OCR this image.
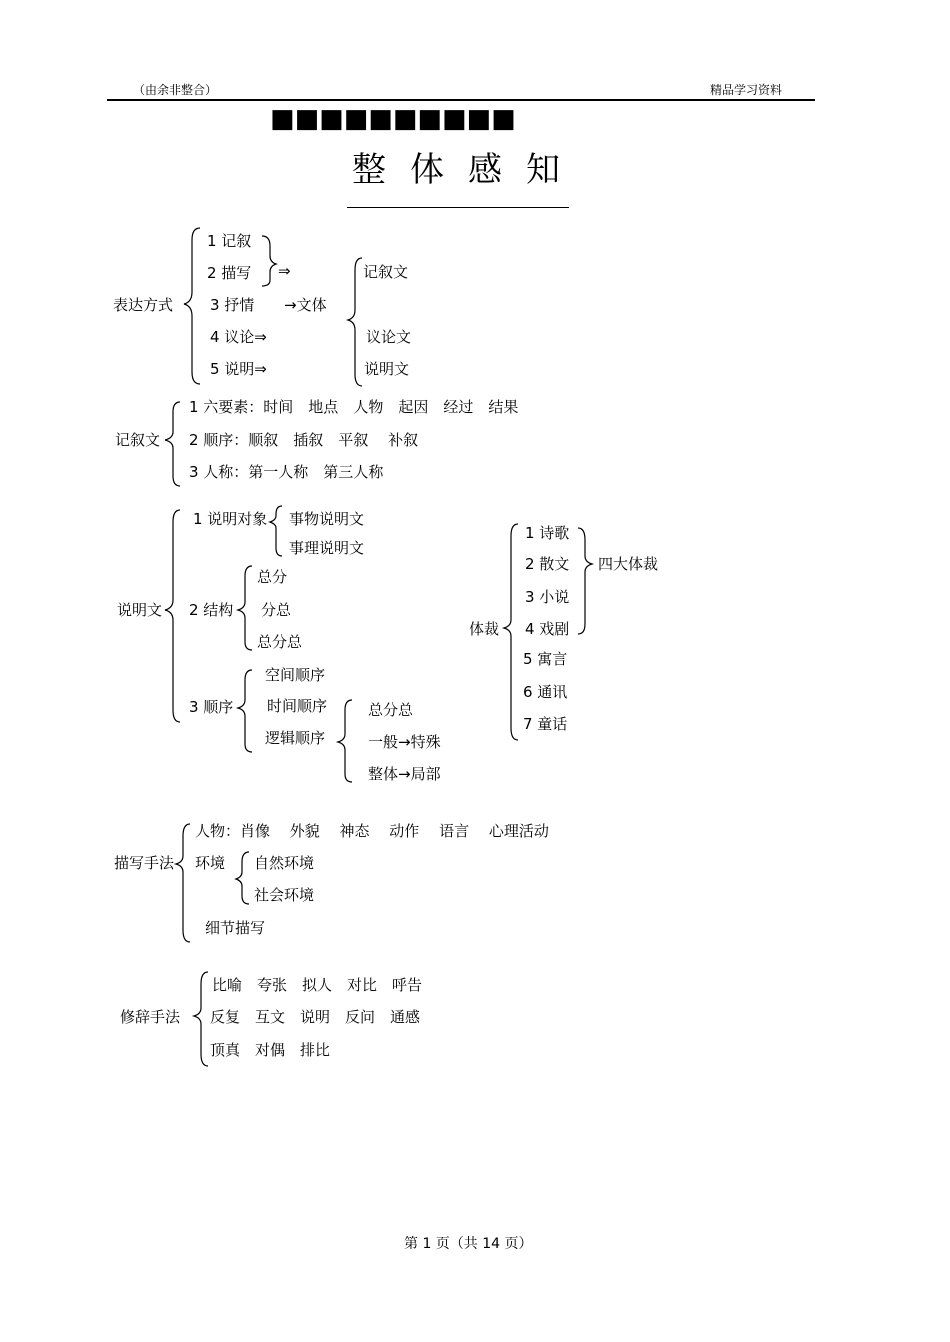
（由余非整合）	精品学习资料
■■■■■■■■■■
整体感知
表达方式
1 记叙
2 描写
3 抒情
4 议论⇒
5 说明⇒
⇒
→文体
记叙文
议论文
说明文
记叙文
1 六要素：时间　地点　人物　起因　经过　结果
2 顺序：顺叙　插叙　平叙　 补叙
3 人称：第一人称　第三人称
说明文
1 说明对象 事物说明文
事理说明文
2 结构
总分
分总
总分总
3 顺序
空间顺序
时间顺序
逻辑顺序
总分总
一般→特殊
整体→局部
体裁
1 诗歌
2 散文
3 小说
4 戏剧
5 寓言
6 通讯
7 童话
四大体裁
描写手法
人物：肖像　 外貌　 神态　 动作　 语言　 心理活动
环境 自然环境
社会环境
细节描写
修辞手法
比喻　夸张　拟人　对比　呼告
反复　互文　说明　反问　通感
顶真　对偶　排比
第 1 页（共 14 页）
